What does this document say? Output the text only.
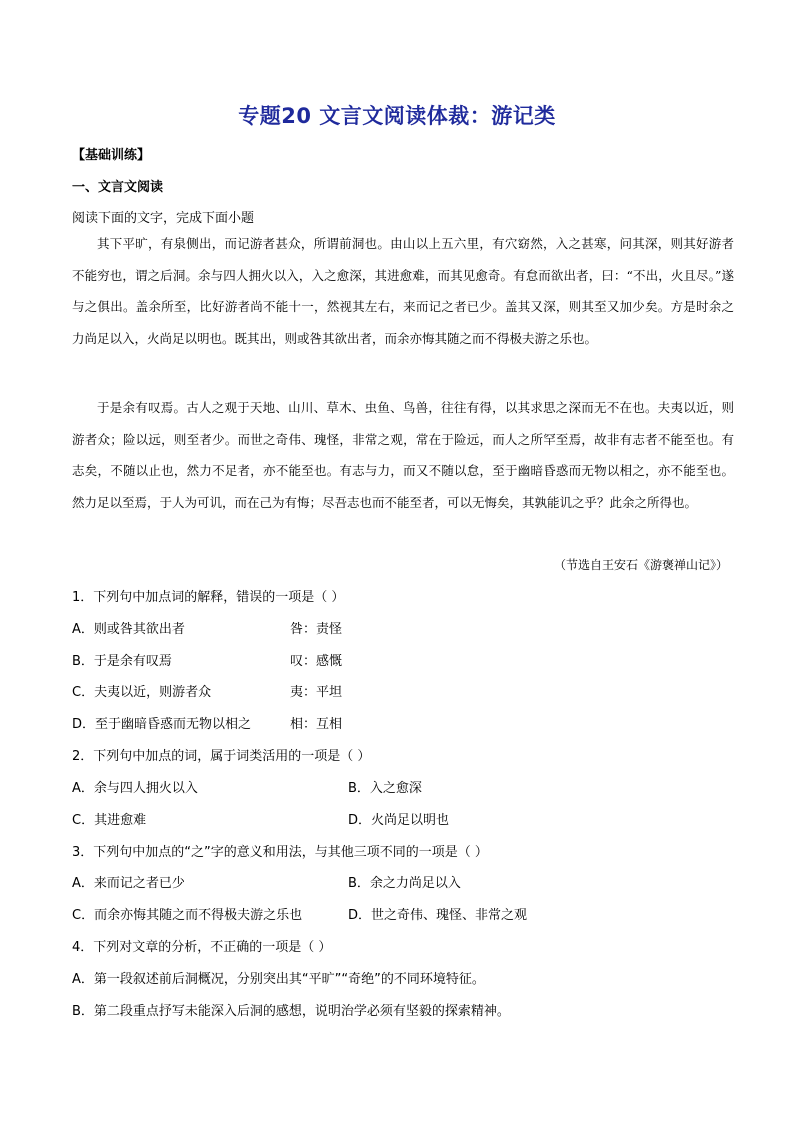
专题20 文言文阅读体裁：游记类
【基础训练】
一、文言文阅读
阅读下面的文字，完成下面小题
其下平旷，有泉侧出，而记游者甚众，所谓前洞也。由山以上五六里，有穴窈然，入之甚寒，问其深，则其好游者不能穷也，谓之后洞。余与四人拥火以入，入之愈深，其进愈难，而其见愈奇。有怠而欲出者，曰：“不出，火且尽。”遂与之俱出。盖余所至，比好游者尚不能十一，然视其左右，来而记之者已少。盖其又深，则其至又加少矣。方是时余之力尚足以入，火尚足以明也。既其出，则或咎其欲出者，而余亦悔其随之而不得极夫游之乐也。
于是余有叹焉。古人之观于天地、山川、草木、虫鱼、鸟兽，往往有得，以其求思之深而无不在也。夫夷以近，则游者众；险以远，则至者少。而世之奇伟、瑰怪，非常之观，常在于险远，而人之所罕至焉，故非有志者不能至也。有志矣，不随以止也，然力不足者，亦不能至也。有志与力，而又不随以怠，至于幽暗昏惑而无物以相之，亦不能至也。然力足以至焉，于人为可讥，而在己为有悔；尽吾志也而不能至者，可以无悔矣，其孰能讥之乎？此余之所得也。
（节选自王安石《游褒禅山记》）
1．下列句中加点词的解释，错误的一项是（ ）
A．则或咎其欲出者	咎：责怪
B．于是余有叹焉	叹：感慨
C．夫夷以近，则游者众	夷：平坦
D．至于幽暗昏惑而无物以相之	相：互相
2．下列句中加点的词，属于词类活用的一项是（ ）
A．余与四人拥火以入	B．入之愈深
C．其进愈难	D．火尚足以明也
3．下列句中加点的“之”字的意义和用法，与其他三项不同的一项是（ ）
A．来而记之者已少	B．余之力尚足以入
C．而余亦悔其随之而不得极夫游之乐也	D．世之奇伟、瑰怪、非常之观
4．下列对文章的分析，不正确的一项是（ ）
A．第一段叙述前后洞概况，分别突出其“平旷”“奇绝”的不同环境特征。
B．第二段重点抒写未能深入后洞的感想，说明治学必须有坚毅的探索精神。
